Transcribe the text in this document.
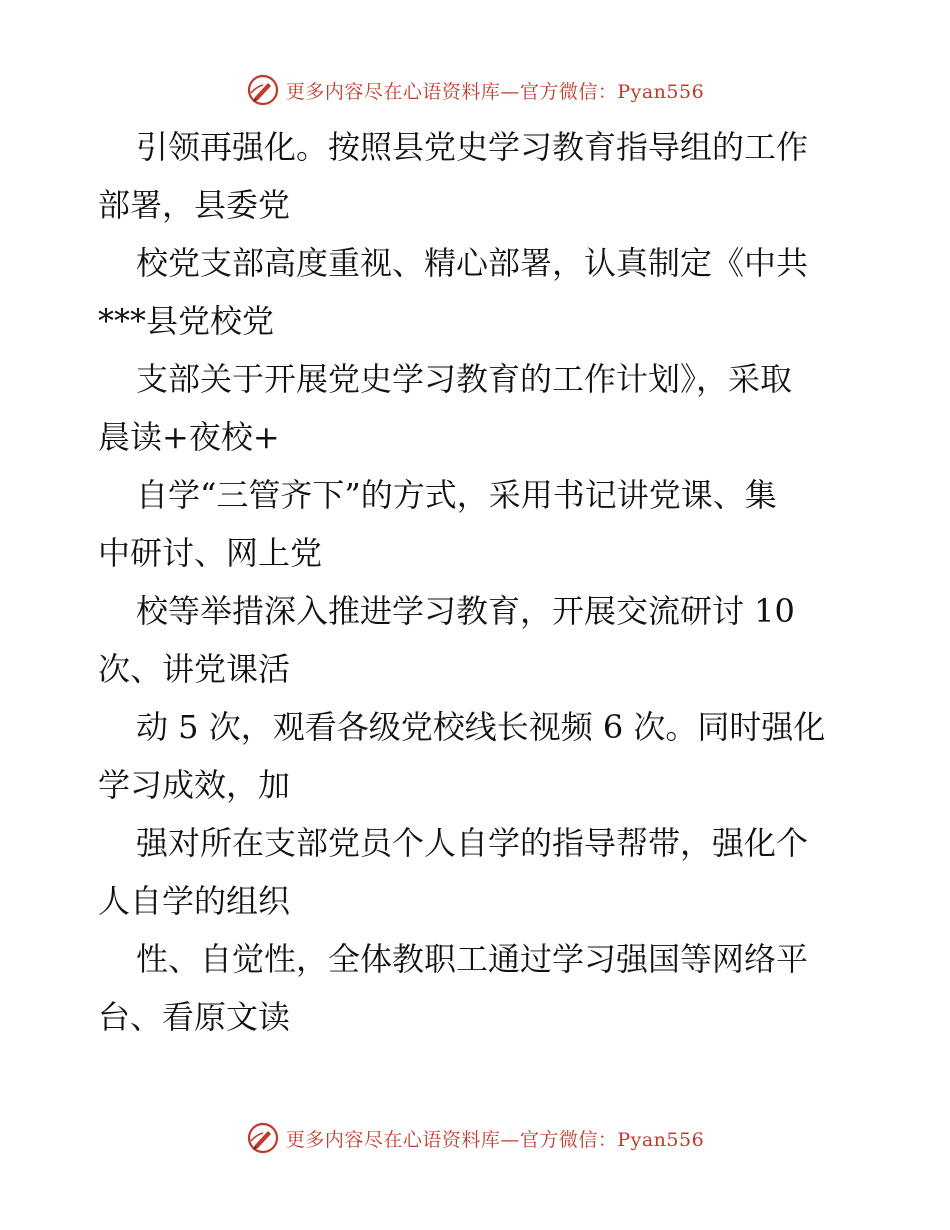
更多内容尽在心语资料库—官方微信：Pyan556

引领再强化。按照县党史学习教育指导组的工作

部署，县委党

校党支部高度重视、精心部署，认真制定《中共

***县党校党

支部关于开展党史学习教育的工作计划》，采取

晨读+夜校+

自学“三管齐下”的方式，采用书记讲党课、集

中研讨、网上党

校等举措深入推进学习教育，开展交流研讨 10

次、讲党课活

动 5 次，观看各级党校线长视频 6 次。同时强化

学习成效，加

强对所在支部党员个人自学的指导帮带，强化个

人自学的组织

性、自觉性，全体教职工通过学习强国等网络平

台、看原文读

更多内容尽在心语资料库—官方微信：Pyan556
